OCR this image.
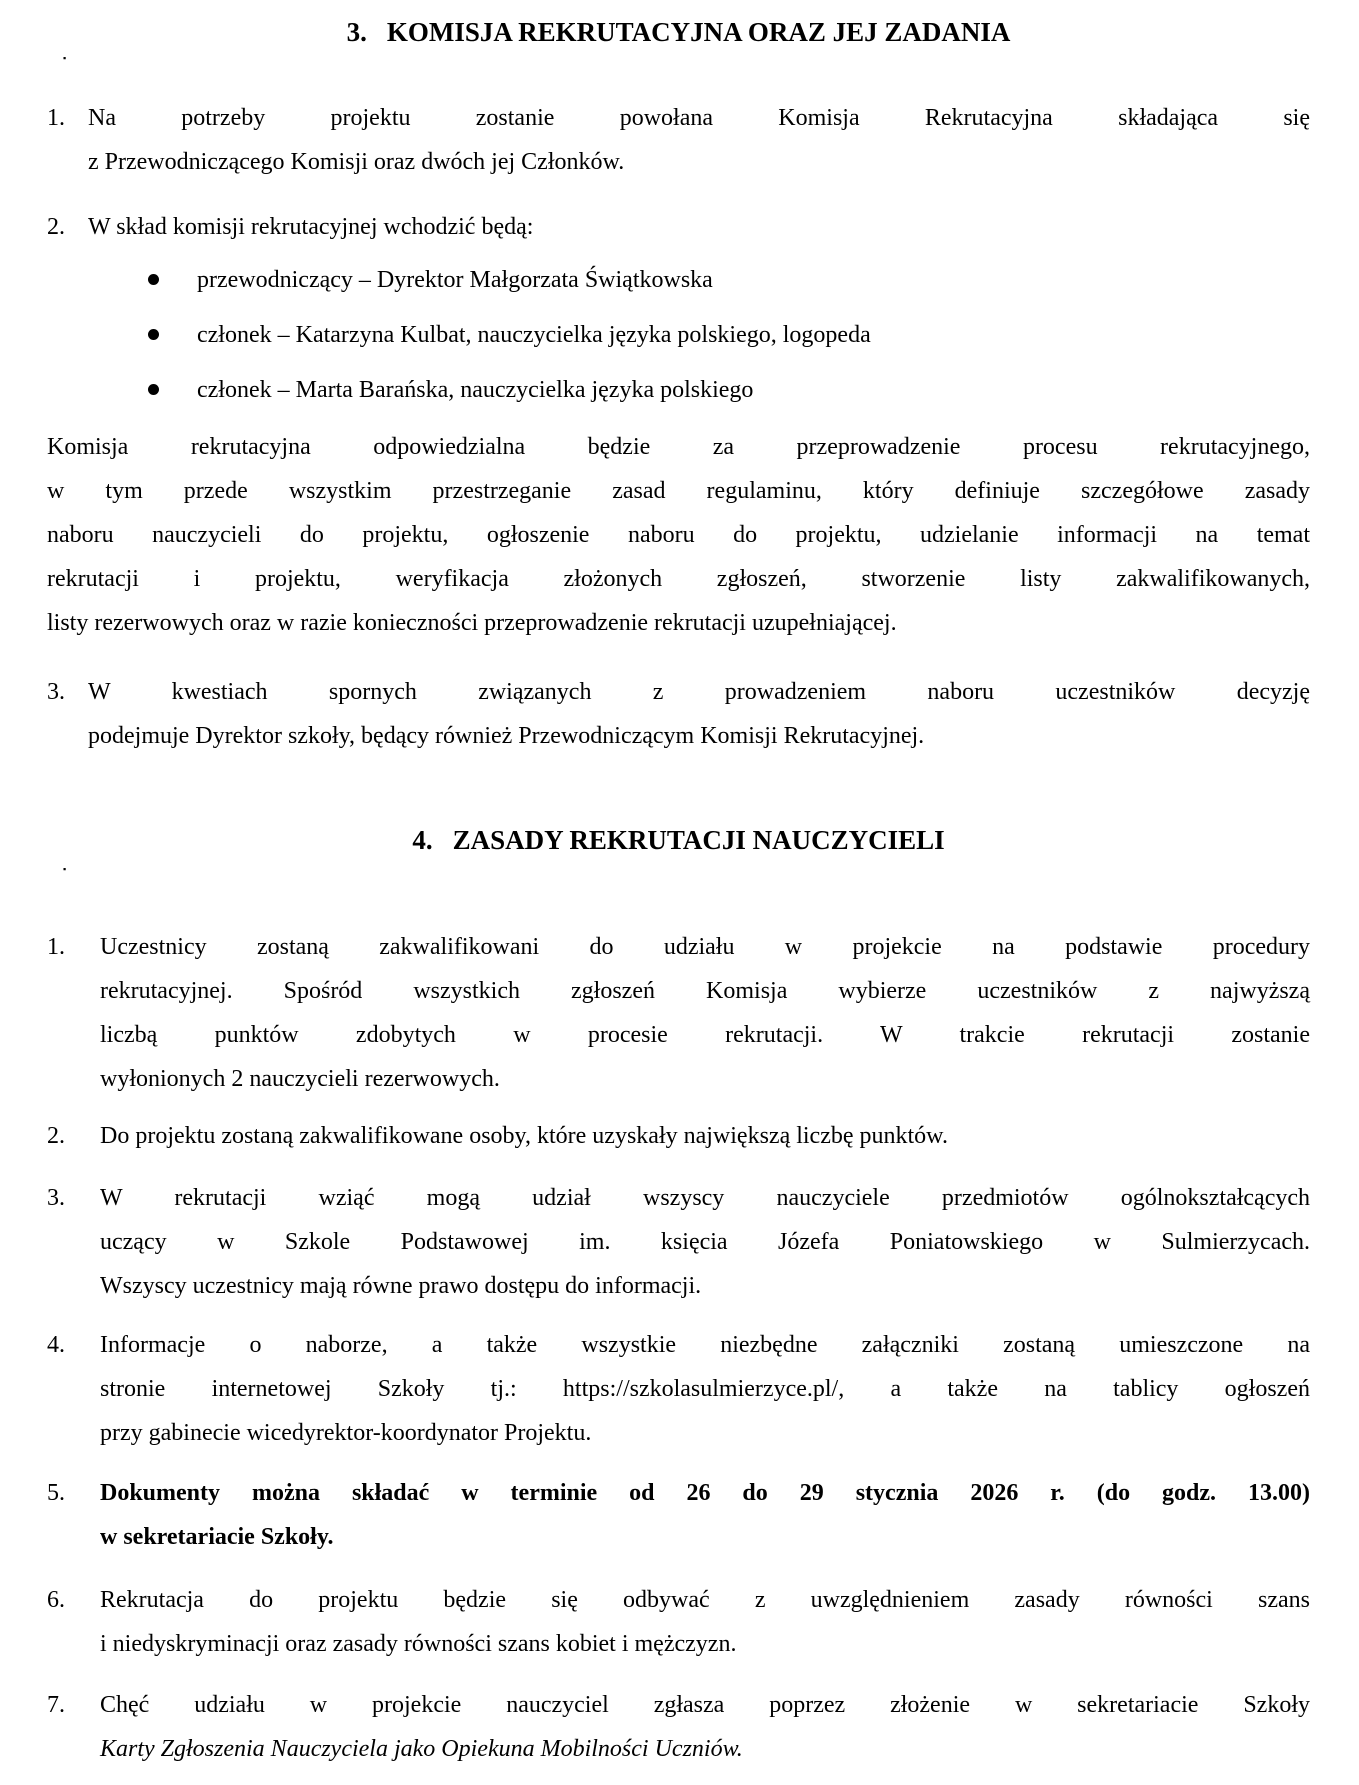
▪
▪
3. KOMISJA REKRUTACYJNA ORAZ JEJ ZADANIA
1. Na potrzeby projektu zostanie powołana Komisja Rekrutacyjna składająca się
z Przewodniczącego Komisji oraz dwóch jej Członków.
2. W skład komisji rekrutacyjnej wchodzić będą:
przewodniczący – Dyrektor Małgorzata Świątkowska
członek – Katarzyna Kulbat, nauczycielka języka polskiego, logopeda
członek – Marta Barańska, nauczycielka języka polskiego
Komisja rekrutacyjna odpowiedzialna będzie za przeprowadzenie procesu rekrutacyjnego,
w tym przede wszystkim przestrzeganie zasad regulaminu, który definiuje szczegółowe zasady
naboru nauczycieli do projektu, ogłoszenie naboru do projektu, udzielanie informacji na temat
rekrutacji i projektu, weryfikacja złożonych zgłoszeń, stworzenie listy zakwalifikowanych,
listy rezerwowych oraz w razie konieczności przeprowadzenie rekrutacji uzupełniającej.
3. W kwestiach spornych związanych z prowadzeniem naboru uczestników decyzję
podejmuje Dyrektor szkoły, będący również Przewodniczącym Komisji Rekrutacyjnej.
4. ZASADY REKRUTACJI NAUCZYCIELI
1.	Uczestnicy zostaną zakwalifikowani do udziału w projekcie na podstawie procedury
rekrutacyjnej. Spośród wszystkich zgłoszeń Komisja wybierze uczestników z najwyższą
liczbą punktów zdobytych w procesie rekrutacji. W trakcie rekrutacji zostanie
wyłonionych 2 nauczycieli rezerwowych.
2.	Do projektu zostaną zakwalifikowane osoby, które uzyskały największą liczbę punktów.
3.	W rekrutacji wziąć mogą udział wszyscy nauczyciele przedmiotów ogólnokształcących
uczący w Szkole Podstawowej im. księcia Józefa Poniatowskiego w Sulmierzycach.
Wszyscy uczestnicy mają równe prawo dostępu do informacji.
4.	Informacje o naborze, a także wszystkie niezbędne załączniki zostaną umieszczone na
stronie internetowej Szkoły tj.: https://szkolasulmierzyce.pl/, a także na tablicy ogłoszeń
przy gabinecie wicedyrektor-koordynator Projektu.
5.	Dokumenty można składać w terminie od 26 do 29 stycznia 2026 r. (do godz. 13.00)
w sekretariacie Szkoły.
6.	Rekrutacja do projektu będzie się odbywać z uwzględnieniem zasady równości szans
i niedyskryminacji oraz zasady równości szans kobiet i mężczyzn.
7.	Chęć udziału w projekcie nauczyciel zgłasza poprzez złożenie w sekretariacie Szkoły
Karty Zgłoszenia Nauczyciela jako Opiekuna Mobilności Uczniów.
